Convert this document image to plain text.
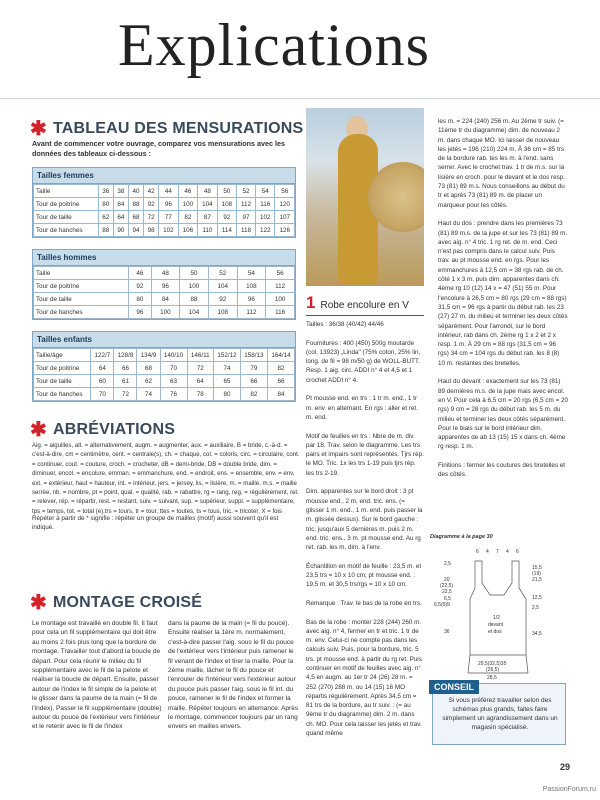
Explications
✱ TABLEAU DES MENSURATIONS
Avant de commencer votre ouvrage, comparez vos mensurations avec les données des tableaux ci-dessous :
Tailles femmes
Taille	36	38	40	42	44	46	48	50	52	54	56
Tour de poitrine	80	84	88	92	96	100	104	108	112	116	120
Tour de taille	62	64	68	72	77	82	87	92	97	102	107
Tour de hanches	88	90	94	98	102	106	110	114	118	122	126
Tailles hommes
Taille	46	48	50	52	54	56
Tour de poitrine	92	96	100	104	108	112
Tour de taille	80	84	88	92	96	100
Tour de hanches	96	100	104	108	112	116
Tailles enfants
Taille/âge	122/7	128/8	134/9	140/10	146/11	152/12	158/13	164/14
Tour de poitrine	64	66	68	70	72	74	79	82
Tour de taille	60	61	62	63	64	65	66	66
Tour de hanches	70	72	74	76	78	80	82	84
✱ ABRÉVIATIONS
Aig. = aiguilles, alt. = alternativement, augm. = augmenter, aux. = auxiliaire, B = bride, c.-à-d. = c'est-à-dire, cm = centimètre, cent. = centrale(s), ch. = chaque, col. = coloris, circ. = circulaire, cont. = continuer, cout. = couture, croch. = crocheter, dB = demi-bride, DB = double bride, dim. = diminuer, encol. = encolure, emman. = emmanchure, end. = endroit, ens. = ensemble, env. = env, ext. = extérieur, haut = hauteur, int. = intérieur, jers. = jersey, lis. = lisière, m. = maille, m.s. = maille serrée, nb. = nombre, pt = point, qual. = qualité, rab. = rabattre, rg = rang, reg. = régulièrement, rel. = relever, rép. = répartir, rest. = restant, suiv. = suivant, sup. = supérieur, suppl. = supplémentaire, tps = temps, tot. = total (e),trs = tours, tr = tour, ttes = toutes, ts = tous, tric. = tricoter, X = fois
Répéter à partir de * signifie : répéter un groupe de mailles (motif) aussi souvent qu'il est indiqué.
✱ MONTAGE CROISÉ
Le montage est travaillé en double fil. Il faut pour cela un fil supplémentaire qui doit être au moins 2 fois plus long que la bordure de montage. Travailler tout d'abord la boucle de départ. Pour cela réunir le milieu du fil supplémentaire avec le fil de la pelote et réaliser la boucle de départ. Ensuite, passer autour de l'index le fil simple de la pelote et le glisser dans la paume de la main (= fil de l'index). Passer le fil supplémentaire (double) autour du pouce de l'extérieur vers l'intérieur et le retenir avec le fil de l'index
dans la paume de la main (= fil du pouce). Ensuite réaliser la 1ère m. normalement, c'est-à-dire passer l'aig. sous le fil du pouce de l'extérieur vers l'intérieur puis ramener le fil venant de l'index et tirer la maille. Pour la 2ème maille, lâcher le fil du pouce et l'enrouler de l'intérieur vers l'extérieur autour du pouce puis passer l'aig. sous le fil int. du pouce, ramener le fil de l'index et former la maille. Répéter toujours en alternance. Après le montage, commencer toujours par un rang envers en mailles envers.
1 Robe encolure en V
Tailles : 36/38 (40/42) 44/46

Fournitures : 400 (450) 500g moutarde (col. 13923) „Linda" (75% coton, 25% lin, long. de fil = 98 m/50 g) de WOLL-BUTT. Resp. 1 aig. circ. ADDI n° 4 et 4,5 et 1 crochet ADDI n° 4.

Pt mousse end. en trs : 1 tr m. end., 1 tr m. env. en alternant. En rgs : aller et ret. m. end.

Motif de feuilles en trs : Nbre de m. div. par 18. Trav. selon le diagramme. Les trs pairs et impairs sont représentés. Tjrs rép. le MO. Tric. 1x les trs 1-19 puis tjrs rép. les trs 2-19.

Dim. apparentes sur le bord droit : 3 pt mousse end., 2 m. end. tric. ens. (= glisser 1 m. end., 1 m. end. puis passer la m. glissée dessus). Sur le bord gauche : tric. jusqu'aux 5 dernières m. puis 2 m. end. tric. ens., 3 m. pt mousse end. Au rg ret. rab. les m. dim. à l'env.

Échantillon en motif de feuille : 23,5 m. et 23,5 trs = 10 x 10 cm; pt mousse end. : 19,5 m. et 30,5 trs/rgs = 10 x 10 cm.

Remarque : Trav. le bas de la robe en trs.

Bas de la robe : monter 228 (244) 260 m. avec aig. n° 4, fermer en tr et tric. 1 tr de m. env. Celui-ci ne compte pas dans les calculs suiv. Puis, pour la bordure, tric. 5 trs. pt mousse end. à partir du rg ret. Puis continuer en motif de feuilles avec aig. n° 4,5 en augm. au 1er tr 24 (26) 28 m. = 252 (270) 288 m. ou 14 (15) 16 MO répartis régulièrement. Après 34,5 cm = 81 trs de la bordure, au tr suiv. : (= au 9ème tr du diagramme) dim. 2 m. dans ch. MO. Pour cela laisser les jetés et trav. quand même
les m. = 224 (240) 256 m. Au 2ème tr suiv. (= 11ème tr du diagramme) dim. de nouveau 2 m. dans chaque MO. Ici laisser de nouveau les jetés = 196 (210) 224 m. À 36 cm = 85 trs de la bordure rab. tes les m. à l'end. sans serrer. Avec le crochet trav. 1 tr de m.s. sur la lisière en croch. pour le devant et le dos resp. 73 (81) 89 m.s. Nous conseillons au début du tr et après 73 (81) 89 m. de placer un marqueur pour les côtés.

Haut du dos : prendre dans les premières 73 (81) 89 m.s. de la jupe et sur les 73 (81) 89 m. avec aig. n° 4 tric. 1 rg ret. de m. end. Ceci n'est pas compris dans le calcul suiv. Puis trav. au pt mousse end. en rgs. Pour les emmanchures à 12,5 cm = 38 rgs rab. de ch. côté 1 x 3 m. puis dim. apparentes dans ch. 4ème rg 10 (12) 14 x = 47 (51) 55 m. Pour l'encolure à 26,5 cm = 80 rgs (29 cm = 88 rgs) 31,5 cm = 96 rgs à partir du début rab. les 23 (27) 27 m. du milieu et terminer les deux côtés séparément. Pour l'arrondi, sur le bord intérieur, rab dans ch. 2ème rg 1 x 2 et 2 x resp. 1 m. À 29 cm = 88 rgs (31,5 cm = 96 rgs) 34 cm = 104 rgs du début rab. les 8 (8) 10 m. restantes des bretelles.

Haut du devant : exactement sur les 73 (81) 89 dernières m.s. de la jupe mais avec encol. en V. Pour cela à 6,5 cm = 20 rgs (6,5 cm = 20 rgs) 9 cm = 28 rgs du début rab. les 5 m. du milieu et terminer les deux côtés séparément. Pour le biais sur le bord intérieur dim. apparentes de ab 13 (15) 15 x dans ch. 4ème rg resp. 1 m.

Finitions : fermer les coutures des bretelles et des côtés.
Diagramme à la page 30
6 4 7 4 6
2,5
20
(22,5)
22,5
6,5
6,5(6)9
36
15,5
(19)
21,5
12,5
2,5
34,5
1/2
devant
et dos
29,5(32,5)35
(26,5)
28,5
CONSEIL
Si vous préférez travailler selon des schémas plus grands, faites faire simplement un agrandissement dans un magasin spécialisé.
29
PassionForum.ru
